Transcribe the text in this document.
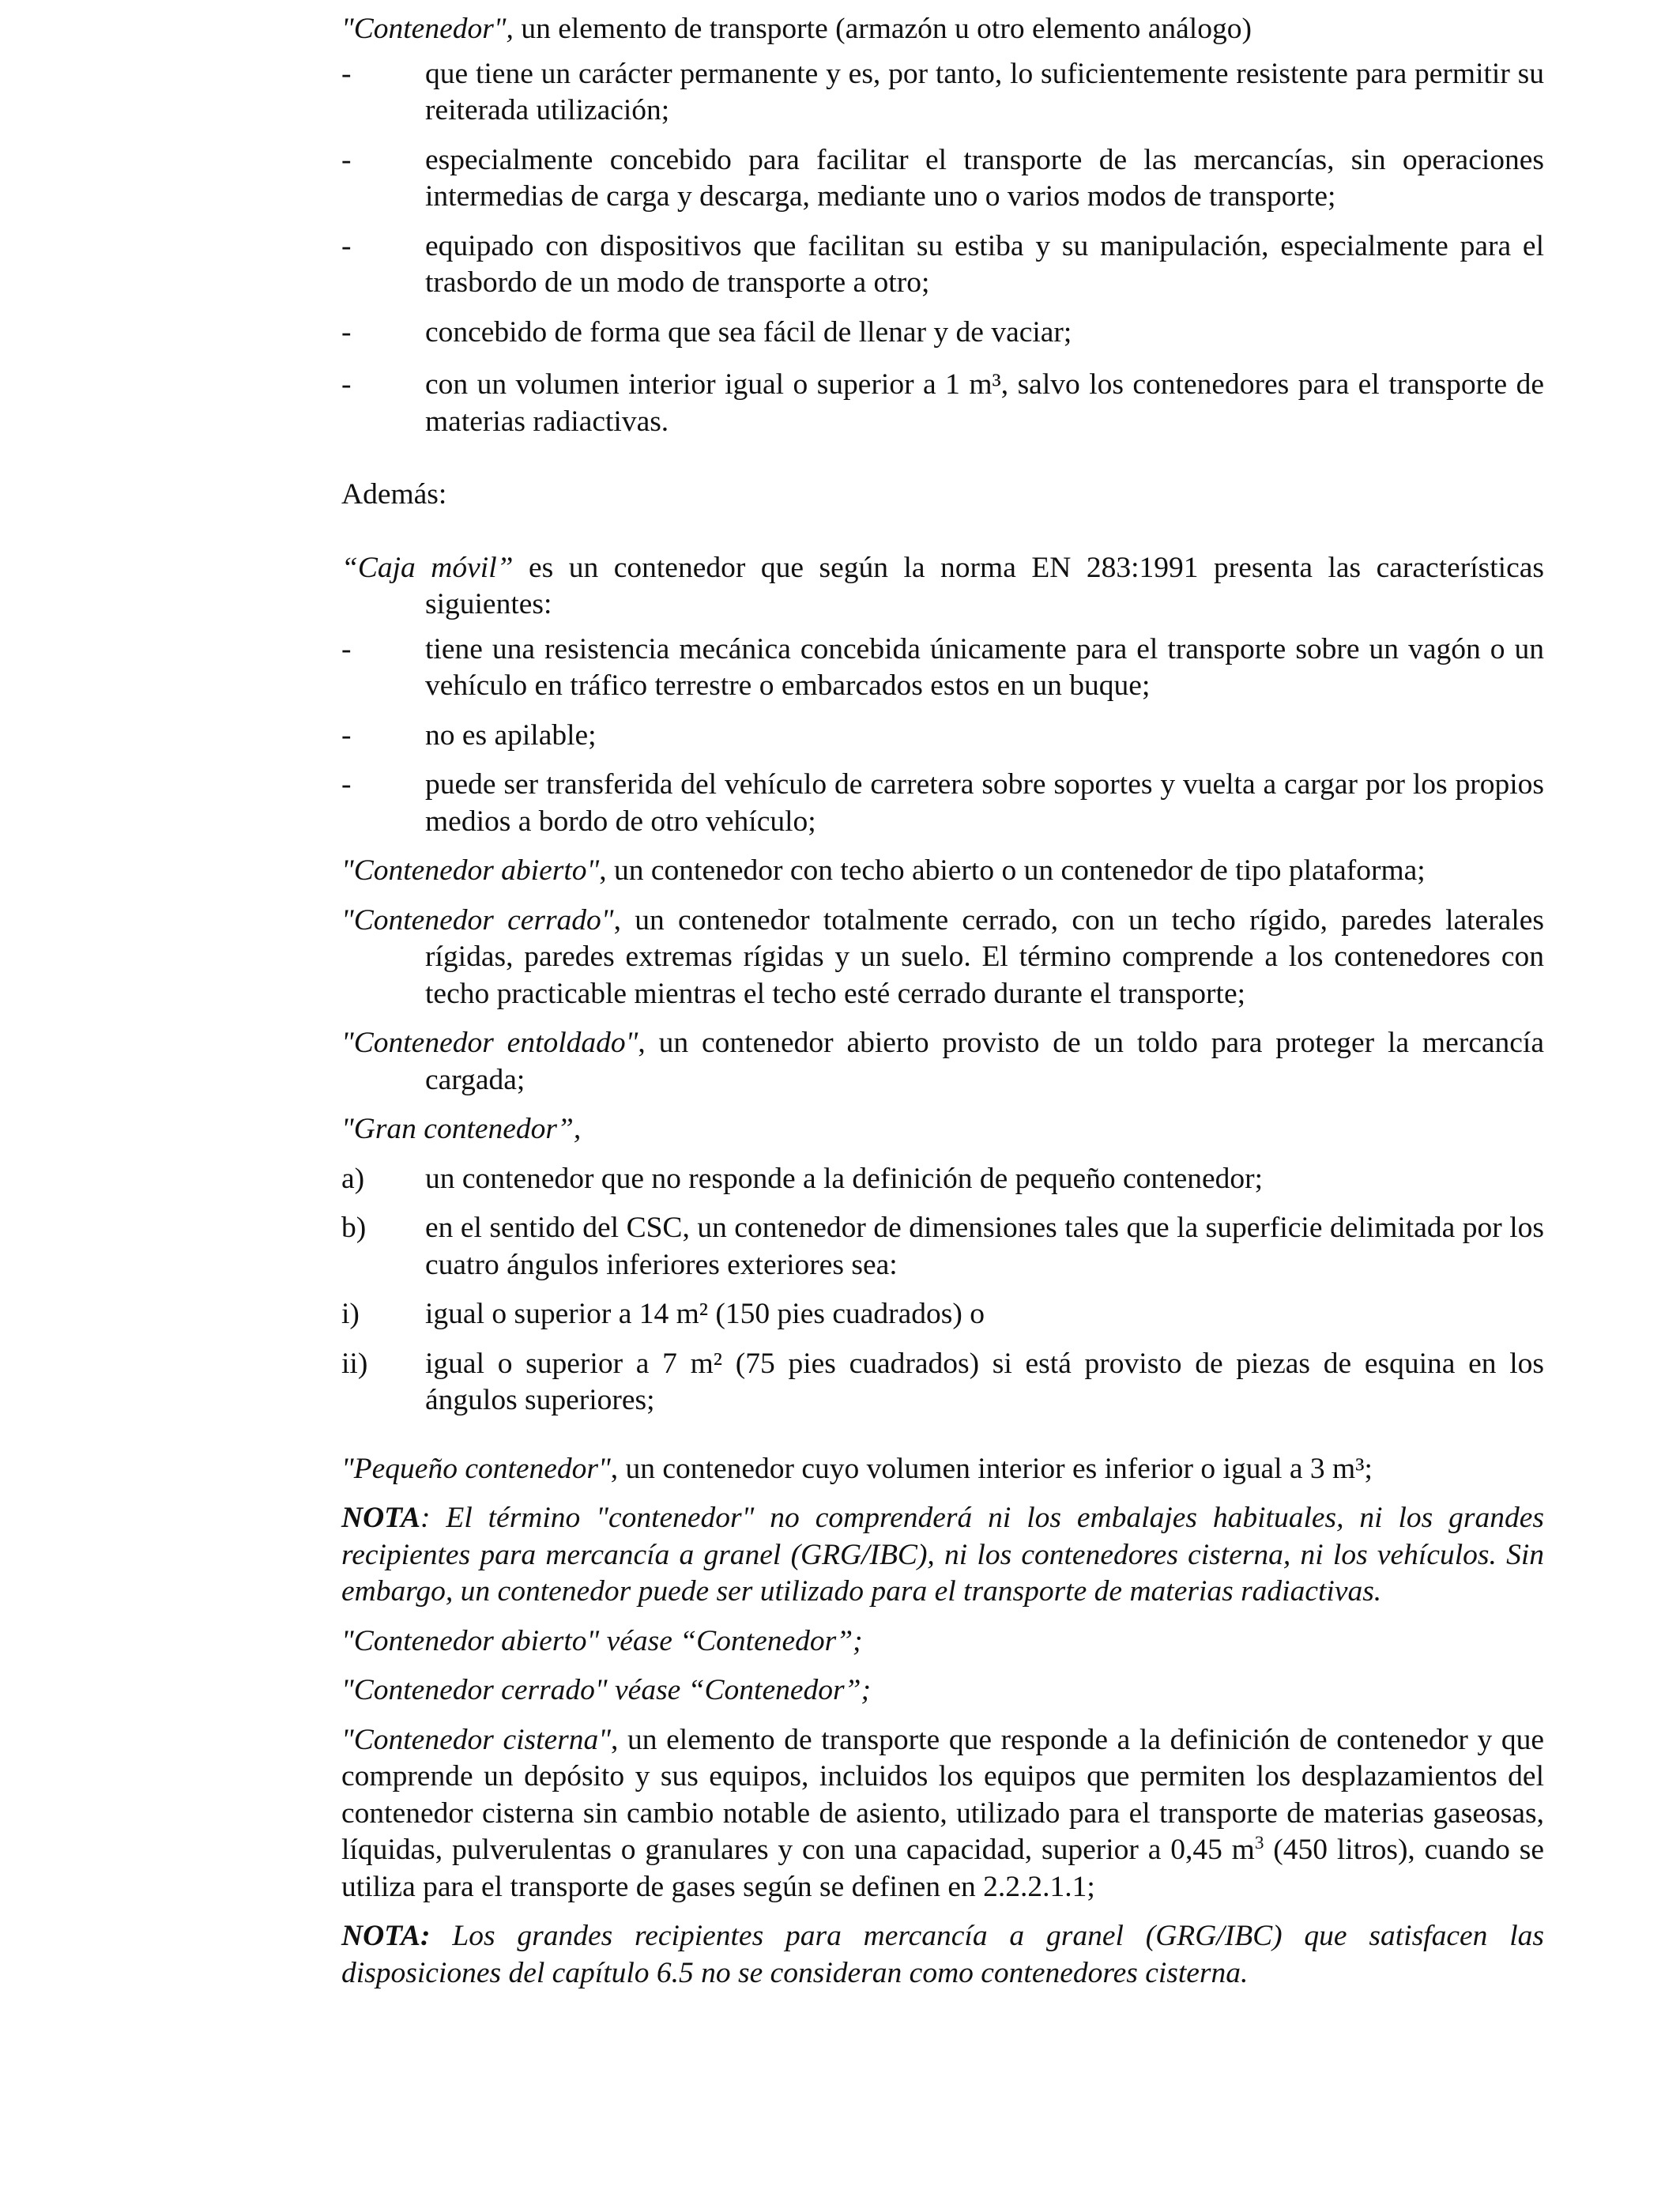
"Contenedor", un elemento de transporte (armazón u otro elemento análogo)

-	que tiene un carácter permanente y es, por tanto, lo suficientemente resistente para permitir su reiterada utilización;
-	especialmente concebido para facilitar el transporte de las mercancías, sin operaciones intermedias de carga y descarga, mediante uno o varios modos de transporte;
-	equipado con dispositivos que facilitan su estiba y su manipulación, especialmente para el trasbordo de un modo de transporte a otro;
-	concebido de forma que sea fácil de llenar y de vaciar;
-	con un volumen interior igual o superior a 1 m³, salvo los contenedores para el transporte de materias radiactivas.

Además:

“Caja móvil” es un contenedor que según la norma EN 283:1991 presenta las características siguientes:

-	tiene una resistencia mecánica concebida únicamente para el transporte sobre un vagón o un vehículo en tráfico terrestre o embarcados estos en un buque;
-	no es apilable;
-	puede ser transferida del vehículo de carretera sobre soportes y vuelta a cargar por los propios medios a bordo de otro vehículo;

"Contenedor abierto", un contenedor con techo abierto o un contenedor de tipo plataforma;

"Contenedor cerrado", un contenedor totalmente cerrado, con un techo rígido, paredes laterales rígidas, paredes extremas rígidas y un suelo. El término comprende a los contenedores con techo practicable mientras el techo esté cerrado durante el transporte;

"Contenedor entoldado", un contenedor abierto provisto de un toldo para proteger la mercancía cargada;

"Gran contenedor”,

a)	un contenedor que no responde a la definición de pequeño contenedor;
b)	en el sentido del CSC, un contenedor de dimensiones tales que la superficie delimitada por los cuatro ángulos inferiores exteriores sea:
i)	igual o superior a 14 m² (150 pies cuadrados) o
ii)	igual o superior a 7 m² (75 pies cuadrados) si está provisto de piezas de esquina en los ángulos superiores;

"Pequeño contenedor", un contenedor cuyo volumen interior es inferior o igual a 3 m³;

NOTA: El término "contenedor" no comprenderá ni los embalajes habituales, ni los grandes recipientes para mercancía a granel (GRG/IBC), ni los contenedores cisterna, ni los vehículos. Sin embargo, un contenedor puede ser utilizado para el transporte de materias radiactivas.

"Contenedor abierto" véase “Contenedor”;

"Contenedor cerrado" véase “Contenedor”;

"Contenedor cisterna", un elemento de transporte que responde a la definición de contenedor y que comprende un depósito y sus equipos, incluidos los equipos que permiten los desplazamientos del contenedor cisterna sin cambio notable de asiento, utilizado para el transporte de materias gaseosas, líquidas, pulverulentas o granulares y con una capacidad, superior a 0,45 $m^3$ (450 litros), cuando se utiliza para el transporte de gases según se definen en 2.2.2.1.1;

NOTA: Los grandes recipientes para mercancía a granel (GRG/IBC) que satisfacen las disposiciones del capítulo 6.5 no se consideran como contenedores cisterna.
